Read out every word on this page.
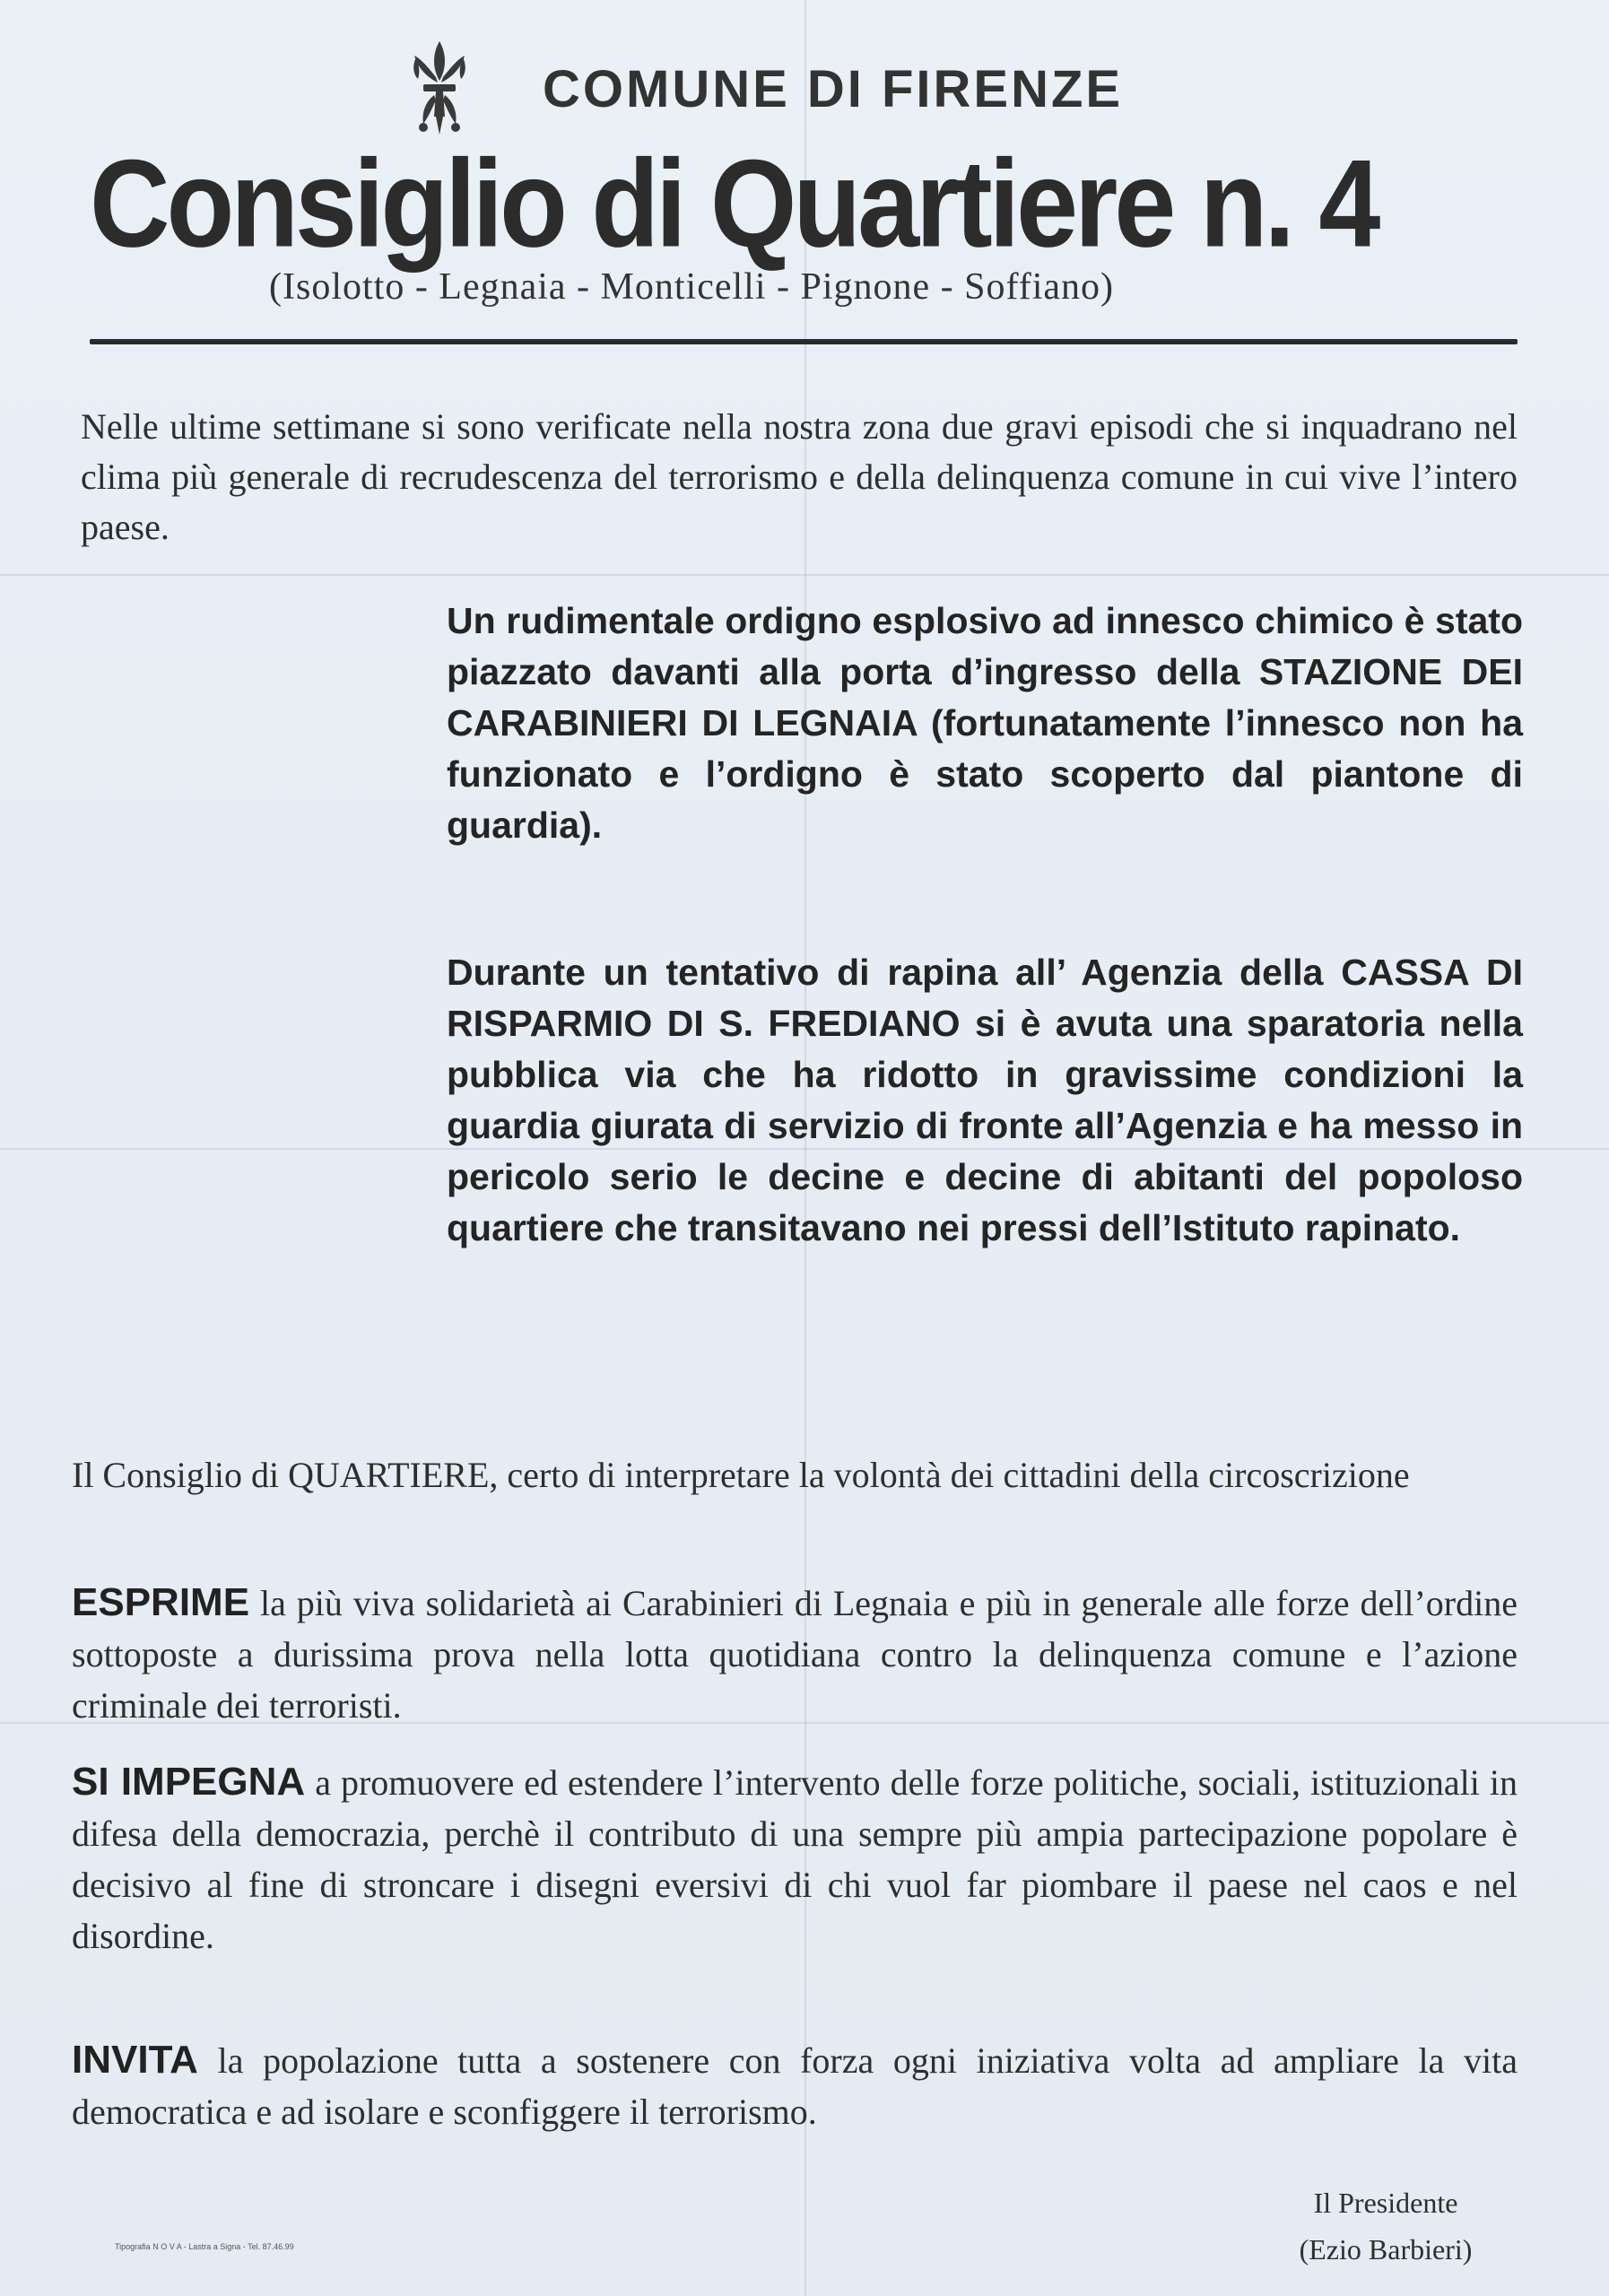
COMUNE DI FIRENZE
Consiglio di Quartiere n. 4
(Isolotto - Legnaia - Monticelli - Pignone - Soffiano)

Nelle ultime settimane si sono verificate nella nostra zona due gravi episodi che si inquadrano nel clima più generale di recrudescenza del terrorismo e della delinquenza comune in cui vive l’intero paese.

Un rudimentale ordigno esplosivo ad innesco chimico è stato piazzato davanti alla porta d’ingresso della STAZIONE DEI CARABINIERI DI LEGNAIA (fortunatamente l’innesco non ha funzionato e l’ordigno è stato scoperto dal piantone di guardia).

Durante un tentativo di rapina all’ Agenzia della CASSA DI RISPARMIO DI S. FREDIANO si è avuta una sparatoria nella pubblica via che ha ridotto in gravissime condizioni la guardia giurata di servizio di fronte all’Agenzia e ha messo in pericolo serio le decine e decine di abitanti del popoloso quartiere che transitavano nei pressi dell’Istituto rapinato.

Il Consiglio di QUARTIERE, certo di interpretare la volontà dei cittadini della circoscrizione

ESPRIME la più viva solidarietà ai Carabinieri di Legnaia e più in generale alle forze dell’ordine sottoposte a durissima prova nella lotta quotidiana contro la delinquenza comune e l’azione criminale dei terroristi.

SI IMPEGNA a promuovere ed estendere l’intervento delle forze politiche, sociali, istituzionali in difesa della democrazia, perchè il contributo di una sempre più ampia partecipazione popolare è decisivo al fine di stroncare i disegni eversivi di chi vuol far piombare il paese nel caos e nel disordine.

INVITA la popolazione tutta a sostenere con forza ogni iniziativa volta ad ampliare la vita democratica e ad isolare e sconfiggere il terrorismo.

Il Presidente
(Ezio Barbieri)
Tipografia N O V A - Lastra a Signa - Tel. 87.46.99
